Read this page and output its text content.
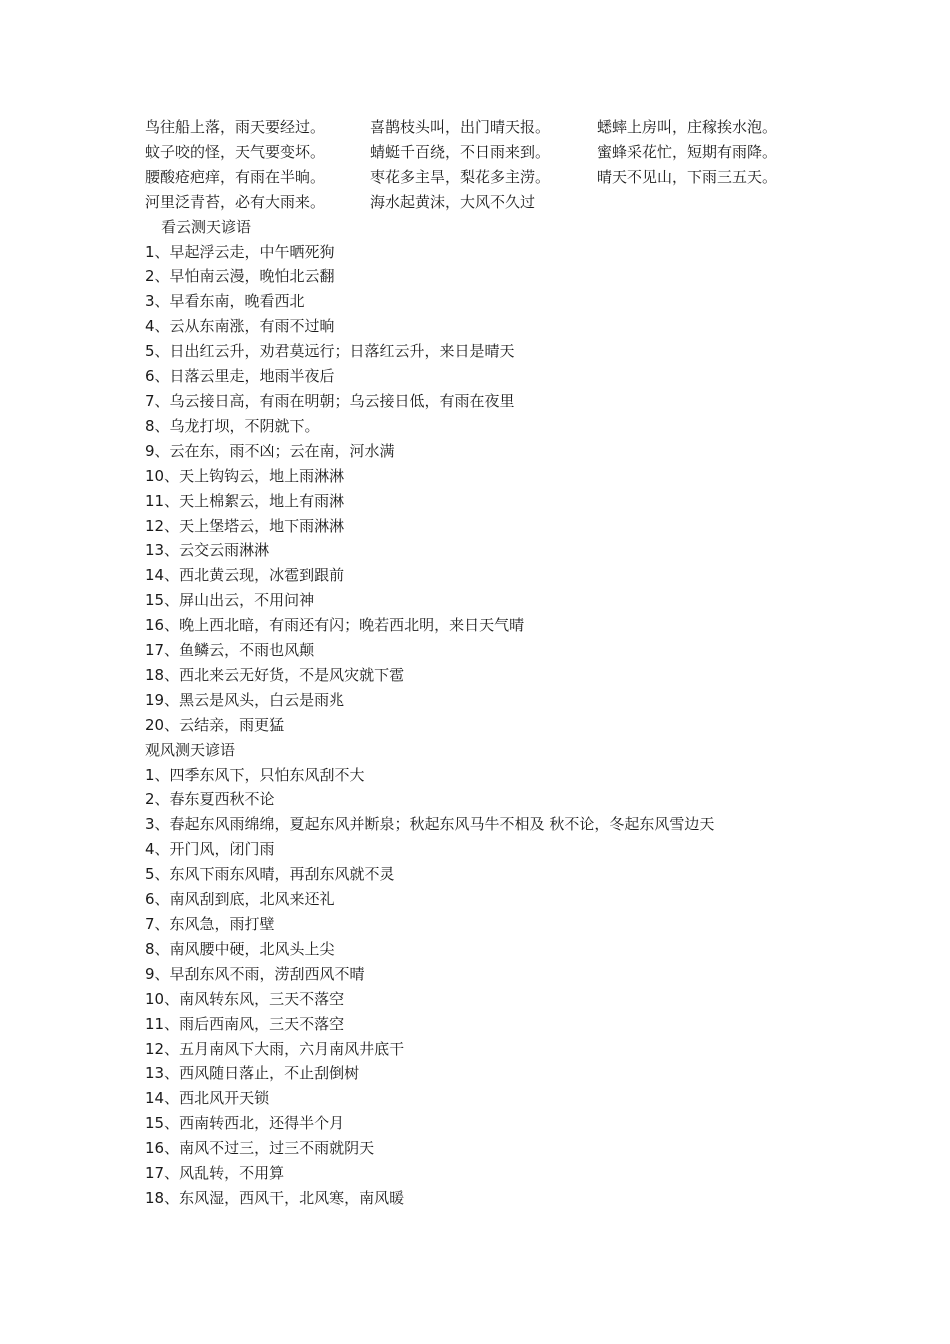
鸟往船上落，雨天要经过。	喜鹊枝头叫，出门晴天报。	蟋蟀上房叫，庄稼挨水泡。
蚊子咬的怪，天气要变坏。	蜻蜓千百绕，不日雨来到。	蜜蜂采花忙，短期有雨降。
腰酸疮疤痒，有雨在半晌。	枣花多主旱，梨花多主涝。	晴天不见山，下雨三五天。
河里泛青苔，必有大雨来。	海水起黄沫，大风不久过
看云测天谚语
1、早起浮云走，中午晒死狗
2、早怕南云漫，晚怕北云翻
3、早看东南，晚看西北
4、云从东南涨，有雨不过晌
5、日出红云升，劝君莫远行；日落红云升，来日是晴天
6、日落云里走，地雨半夜后
7、乌云接日高，有雨在明朝；乌云接日低，有雨在夜里
8、乌龙打坝，不阴就下。
9、云在东，雨不凶；云在南，河水满
10、天上钩钩云，地上雨淋淋
11、天上棉絮云，地上有雨淋
12、天上堡塔云，地下雨淋淋
13、云交云雨淋淋
14、西北黄云现，冰雹到跟前
15、屏山出云，不用问神
16、晚上西北暗，有雨还有闪；晚若西北明，来日天气晴
17、鱼鳞云，不雨也风颠
18、西北来云无好货，不是风灾就下雹
19、黑云是风头，白云是雨兆
20、云结亲，雨更猛
观风测天谚语
1、四季东风下，只怕东风刮不大
2、春东夏西秋不论
3、春起东风雨绵绵，夏起东风并断泉；秋起东风马牛不相及 秋不论，冬起东风雪边天
4、开门风，闭门雨
5、东风下雨东风晴，再刮东风就不灵
6、南风刮到底，北风来还礼
7、东风急，雨打壁
8、南风腰中硬，北风头上尖
9、早刮东风不雨，涝刮西风不晴
10、南风转东风，三天不落空
11、雨后西南风，三天不落空
12、五月南风下大雨，六月南风井底干
13、西风随日落止，不止刮倒树
14、西北风开天锁
15、西南转西北，还得半个月
16、南风不过三，过三不雨就阴天
17、风乱转，不用算
18、东风湿，西风干，北风寒，南风暖
